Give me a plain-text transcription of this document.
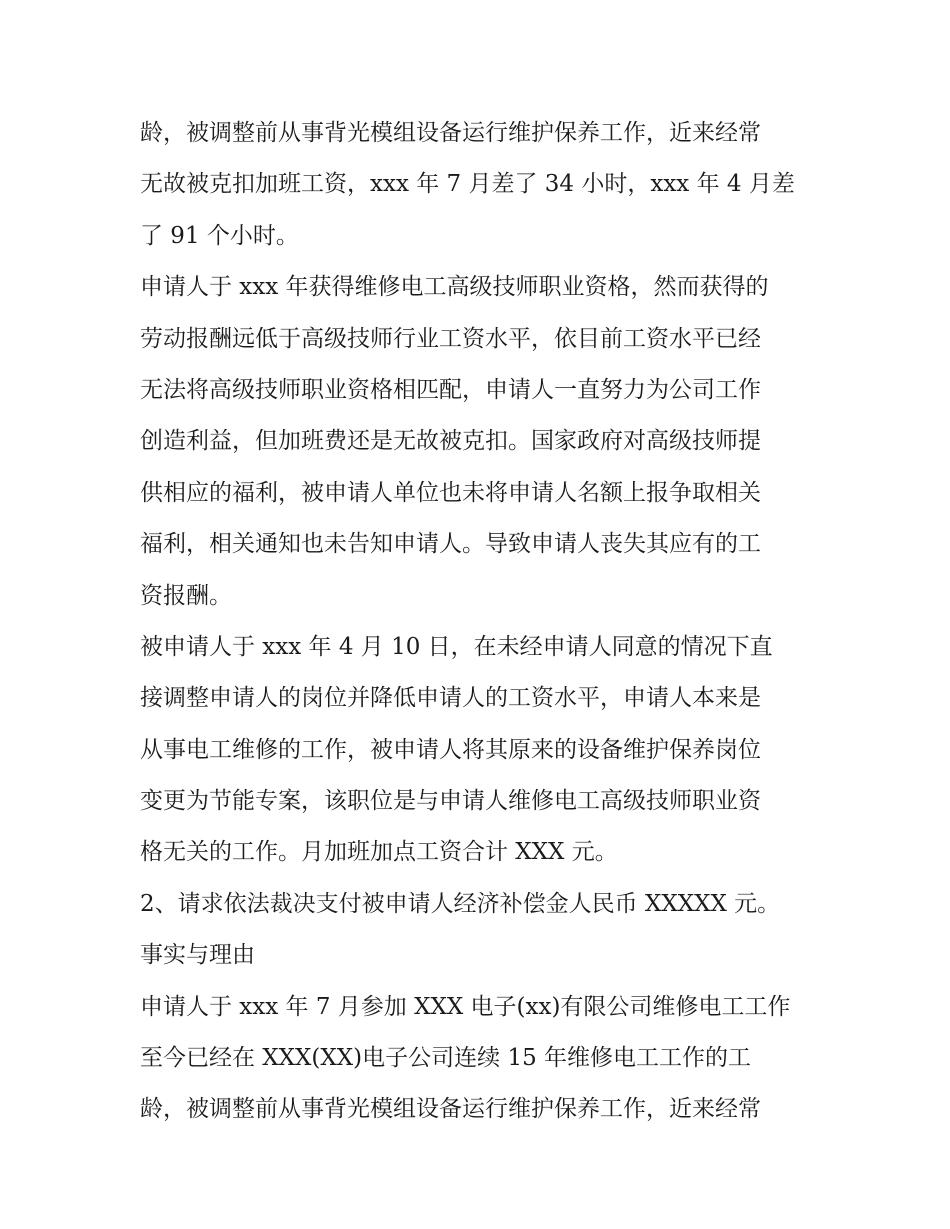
龄，被调整前从事背光模组设备运行维护保养工作，近来经常
无故被克扣加班工资，xxx 年 7 月差了 34 小时，xxx 年 4 月差
了 91 个小时。
申请人于 xxx 年获得维修电工高级技师职业资格，然而获得的
劳动报酬远低于高级技师行业工资水平，依目前工资水平已经
无法将高级技师职业资格相匹配，申请人一直努力为公司工作
创造利益，但加班费还是无故被克扣。国家政府对高级技师提
供相应的福利，被申请人单位也未将申请人名额上报争取相关
福利，相关通知也未告知申请人。导致申请人丧失其应有的工
资报酬。
被申请人于 xxx 年 4 月 10 日，在未经申请人同意的情况下直
接调整申请人的岗位并降低申请人的工资水平，申请人本来是
从事电工维修的工作，被申请人将其原来的设备维护保养岗位
变更为节能专案，该职位是与申请人维修电工高级技师职业资
格无关的工作。月加班加点工资合计 XXX 元。
2、请求依法裁决支付被申请人经济补偿金人民币 XXXXX 元。
事实与理由
申请人于 xxx 年 7 月参加 XXX 电子(xx)有限公司维修电工工作
至今已经在 XXX(XX)电子公司连续 15 年维修电工工作的工
龄，被调整前从事背光模组设备运行维护保养工作，近来经常
